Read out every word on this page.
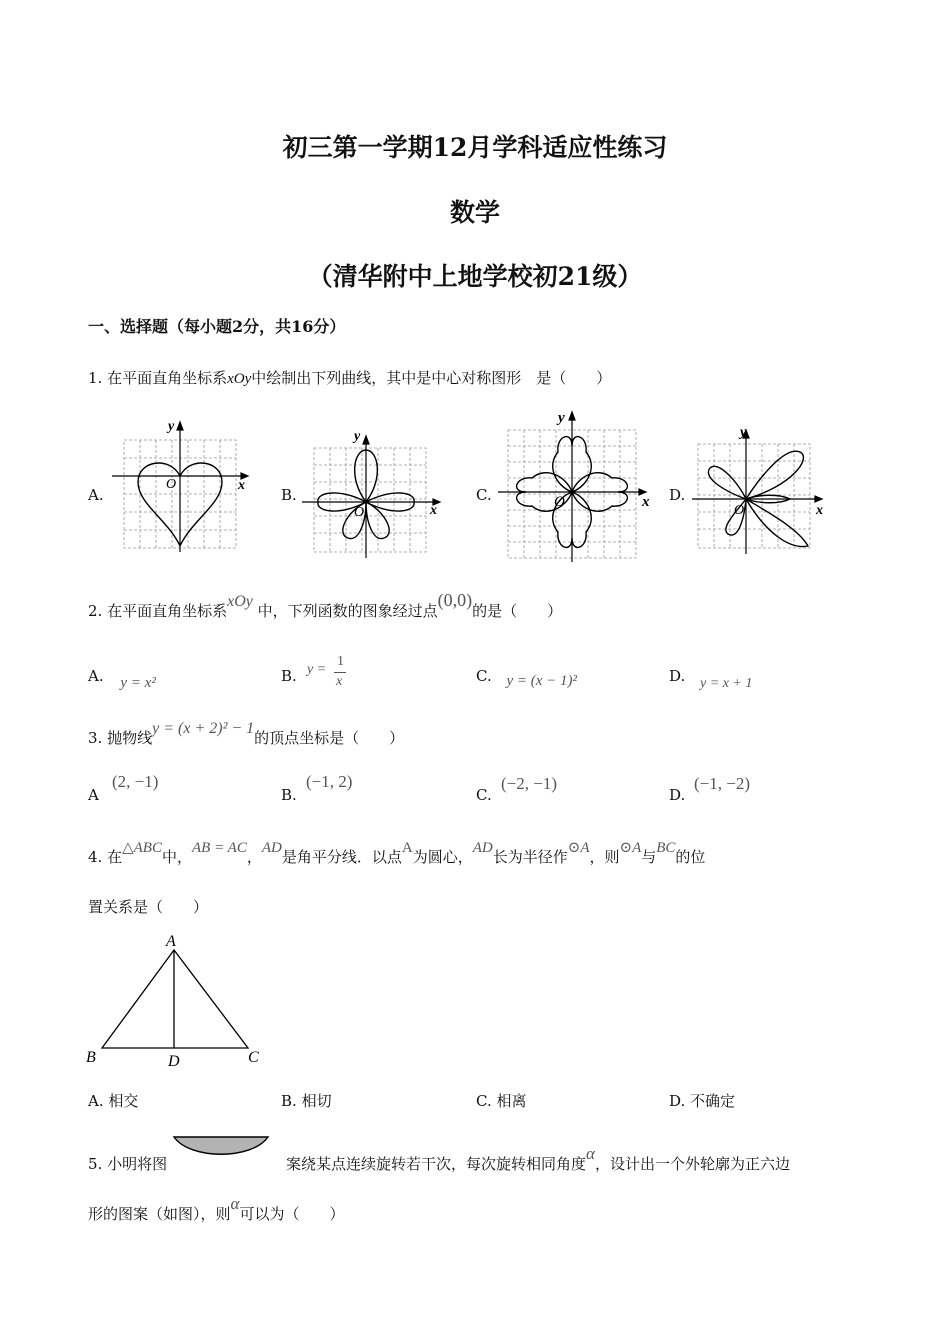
初三第一学期12月学科适应性练习
数学
（清华附中上地学校初21级）
一、选择题（每小题2分，共16分）
1. 在平面直角坐标系xOy中绘制出下列曲线，其中是中心对称图形　是（　　）
A.	B.	C.	D.
O	x
y
O	x
y
O	x
y
O	x
y
2. 在平面直角坐标系xOy 中，下列函数的图象经过点(0,0)的是（　　）
A. y = x²	B. y =
1
x	C. y = (x − 1)²	D. y = x + 1
3. 抛物线y = (x + 2)² − 1的顶点坐标是（　　）
A
(2, −1)
B.
(−1, 2)
C.
(−2, −1)
D.
(−1, −2)
4. 在△ABC中，AB = AC，AD是角平分线．以点A为圆心，AD长为半径作⊙A，则⊙A与BC的位
置关系是（　　）
A
B	C
D
A. 相交	B. 相切	C. 相离	D. 不确定
5. 小明将图	案绕某点连续旋转若干次，每次旋转相同角度α，设计出一个外轮廓为正六边
形的图案（如图），则α可以为（　　）
